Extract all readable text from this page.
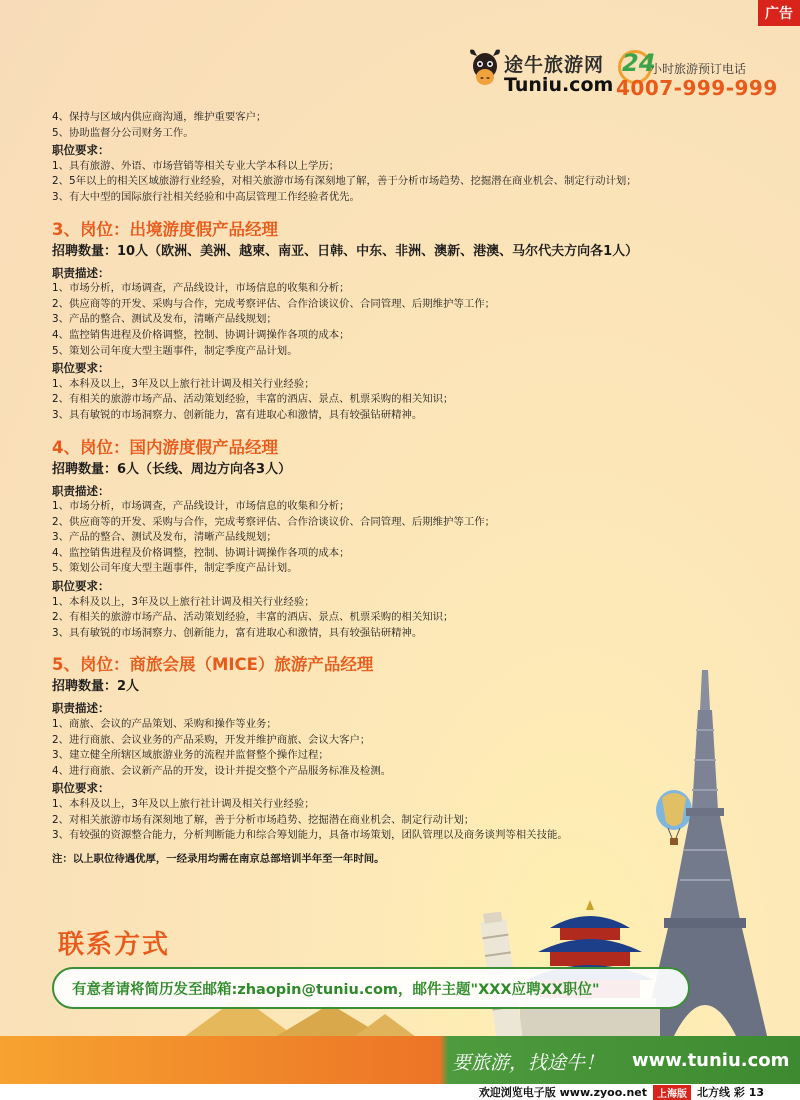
广告
途牛旅游网
Tuniu.com
24
小时旅游预订电话
4007-999-999
4、保持与区域内供应商沟通，维护重要客户；
5、协助监督分公司财务工作。
职位要求：
1、具有旅游、外语、市场营销等相关专业大学本科以上学历；
2、5年以上的相关区域旅游行业经验，对相关旅游市场有深刻地了解，善于分析市场趋势、挖掘潜在商业机会、制定行动计划；
3、有大中型的国际旅行社相关经验和中高层管理工作经验者优先。
3、岗位：出境游度假产品经理
招聘数量：10人（欧洲、美洲、越柬、南亚、日韩、中东、非洲、澳新、港澳、马尔代夫方向各1人）
职责描述：
1、市场分析，市场调查，产品线设计，市场信息的收集和分析；
2、供应商等的开发、采购与合作，完成考察评估、合作洽谈议价、合同管理、后期维护等工作；
3、产品的整合、测试及发布，清晰产品线规划；
4、监控销售进程及价格调整，控制、协调计调操作各项的成本；
5、策划公司年度大型主题事件，制定季度产品计划。
职位要求：
1、本科及以上，3年及以上旅行社计调及相关行业经验；
2、有相关的旅游市场产品、活动策划经验，丰富的酒店、景点、机票采购的相关知识；
3、具有敏锐的市场洞察力、创新能力，富有进取心和激情，具有较强钻研精神。
4、岗位：国内游度假产品经理
招聘数量：6人（长线、周边方向各3人）
职责描述：
1、市场分析，市场调查，产品线设计，市场信息的收集和分析；
2、供应商等的开发、采购与合作，完成考察评估、合作洽谈议价、合同管理、后期维护等工作；
3、产品的整合、测试及发布，清晰产品线规划；
4、监控销售进程及价格调整，控制、协调计调操作各项的成本；
5、策划公司年度大型主题事件，制定季度产品计划。
职位要求：
1、本科及以上，3年及以上旅行社计调及相关行业经验；
2、有相关的旅游市场产品、活动策划经验，丰富的酒店、景点、机票采购的相关知识；
3、具有敏锐的市场洞察力、创新能力，富有进取心和激情，具有较强钻研精神。
5、岗位：商旅会展（MICE）旅游产品经理
招聘数量：2人
职责描述：
1、商旅、会议的产品策划、采购和操作等业务；
2、进行商旅、会议业务的产品采购，开发并维护商旅、会议大客户；
3、建立健全所辖区域旅游业务的流程并监督整个操作过程；
4、进行商旅、会议新产品的开发，设计并提交整个产品服务标准及检测。
职位要求：
1、本科及以上，3年及以上旅行社计调及相关行业经验；
2、对相关旅游市场有深刻地了解，善于分析市场趋势、挖掘潜在商业机会、制定行动计划；
3、有较强的资源整合能力，分析判断能力和综合筹划能力，具备市场策划，团队管理以及商务谈判等相关技能。
注：以上职位待遇优厚，一经录用均需在南京总部培训半年至一年时间。
联系方式
有意者请将简历发至邮箱:zhaopin@tuniu.com，邮件主题"XXX应聘XX职位"
要旅游，找途牛！ www.tuniu.com
欢迎浏览电子版 www.zyoo.net	上海版 北方线 彩 13
